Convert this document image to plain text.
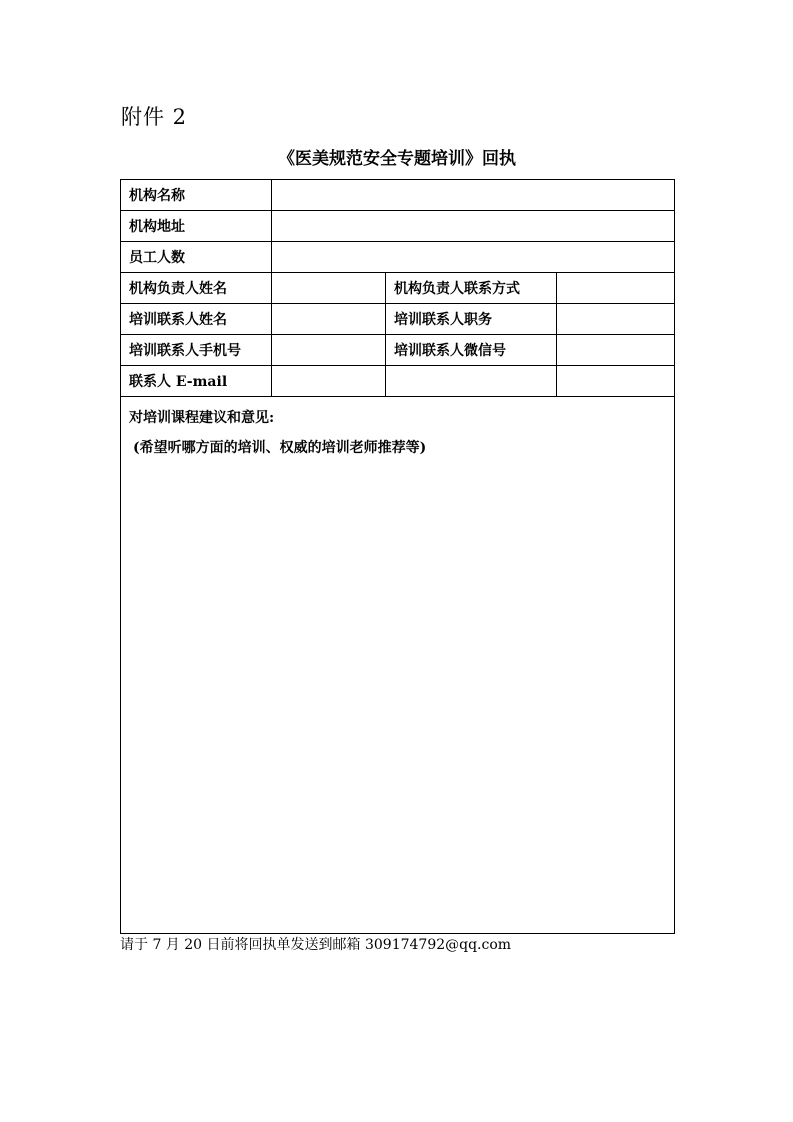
附件 2
《医美规范安全专题培训》回执
机构名称			
机构地址			
员工人数			
机构负责人姓名		机构负责人联系方式	
培训联系人姓名		培训联系人职务	
培训联系人手机号		培训联系人微信号	
联系人 E-mail			

对培训课程建议和意见:
(希望听哪方面的培训、权威的培训老师推荐等)			
请于 7 月 20 日前将回执单发送到邮箱 309174792@qq.com
